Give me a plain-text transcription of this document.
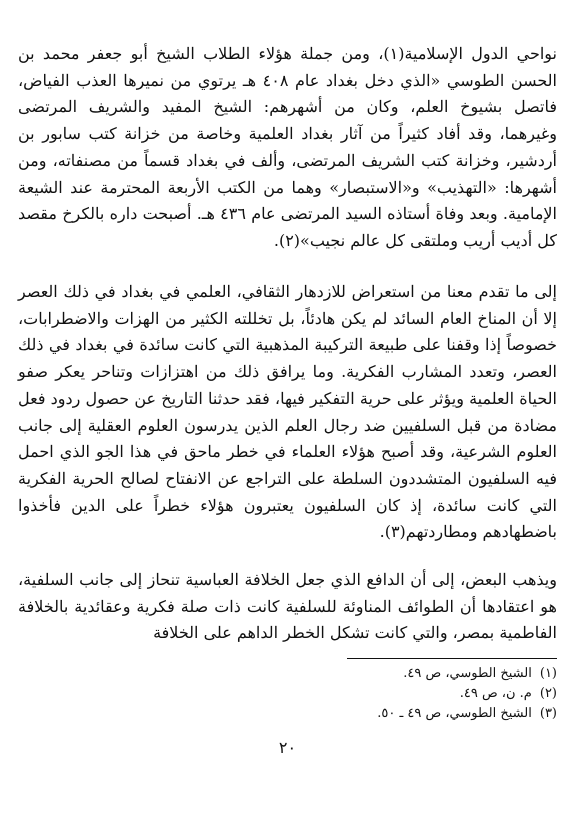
نواحي الدول الإسلامية(١)، ومن جملة هؤلاء الطلاب الشيخ أبو جعفر محمد بن الحسن الطوسي «الذي دخل بغداد عام ٤٠٨ هـ يرتوي من نميرها العذب الفياض، فاتصل بشيوخ العلم، وكان من أشهرهم: الشيخ المفيد والشريف المرتضى وغيرهما، وقد أفاد كثيراً من آثار بغداد العلمية وخاصة من خزانة كتب سابور بن أردشير، وخزانة كتب الشريف المرتضى، وألف في بغداد قسماً من مصنفاته، ومن أشهرها: «التهذيب» و«الاستبصار» وهما من الكتب الأربعة المحترمة عند الشيعة الإمامية. وبعد وفاة أستاذه السيد المرتضى عام ٤٣٦ هـ. أصبحت داره بالكرخ مقصد كل أديب أريب وملتقى كل عالم نجيب»(٢).

إلى ما تقدم معنا من استعراض للازدهار الثقافي، العلمي في بغداد في ذلك العصر إلا أن المناخ العام السائد لم يكن هادئاً، بل تخللته الكثير من الهزات والاضطرابات، خصوصاً إذا وقفنا على طبيعة التركيبة المذهبية التي كانت سائدة في بغداد في ذلك العصر، وتعدد المشارب الفكرية. وما يرافق ذلك من اهتزازات وتناحر يعكر صفو الحياة العلمية ويؤثر على حرية التفكير فيها، فقد حدثنا التاريخ عن حصول ردود فعل مضادة من قبل السلفيين ضد رجال العلم الذين يدرسون العلوم العقلية إلى جانب العلوم الشرعية، وقد أصبح هؤلاء العلماء في خطر ماحق في هذا الجو الذي احمل فيه السلفيون المتشددون السلطة على التراجع عن الانفتاح لصالح الحرية الفكرية التي كانت سائدة، إذ كان السلفيون يعتبرون هؤلاء خطراً على الدين فأخذوا باضطهادهم ومطاردتهم(٣).

ويذهب البعض، إلى أن الدافع الذي جعل الخلافة العباسية تنحاز إلى جانب السلفية، هو اعتقادها أن الطوائف المناوئة للسلفية كانت ذات صلة فكرية وعقائدية بالخلافة الفاطمية بمصر، والتي كانت تشكل الخطر الداهم على الخلافة

(١)
الشيخ الطوسي، ص ٤٩.
(٢)
م. ن، ص ٤٩.
(٣)
الشيخ الطوسي، ص ٤٩ ـ ٥٠.
٢٠
